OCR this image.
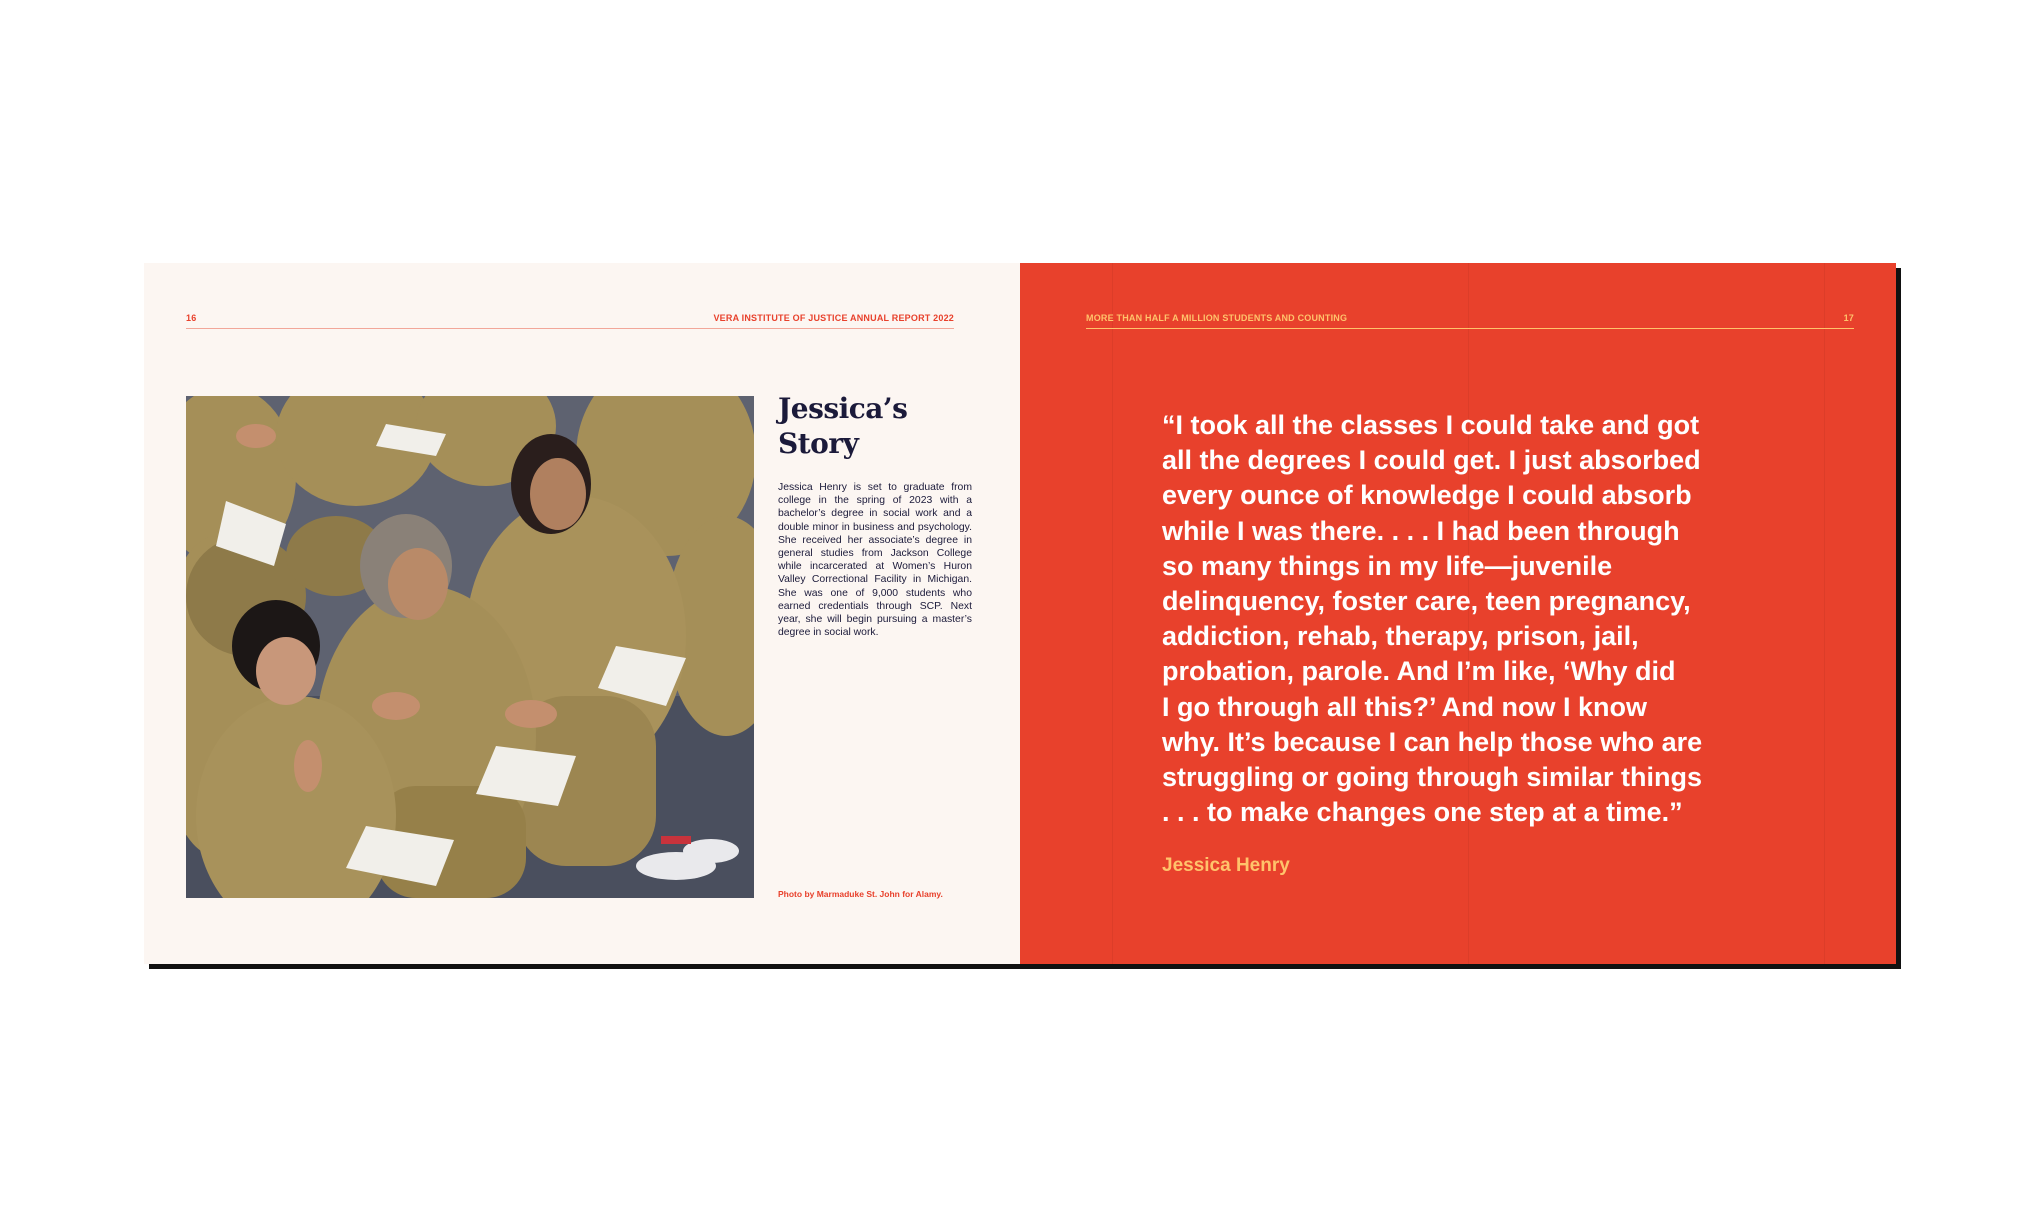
16	VERA INSTITUTE OF JUSTICE ANNUAL REPORT 2022
Jessica’s Story
Jessica Henry is set to graduate from college in the spring of 2023 with a bachelor’s degree in social work and a double minor in business and psychology. She received her associate’s degree in general studies from Jackson College while incarcerated at Women’s Huron Valley Correctional Facility in Michigan. She was one of 9,000 students who earned credentials through SCP. Next year, she will begin pursuing a master’s degree in social work.
Photo by Marmaduke St. John for Alamy.
MORE THAN HALF A MILLION STUDENTS AND COUNTING	17
“I took all the classes I could take and got
all the degrees I could get. I just absorbed
every ounce of knowledge I could absorb
while I was there. . . . I had been through
so many things in my life—juvenile
delinquency, foster care, teen pregnancy,
addiction, rehab, therapy, prison, jail,
probation, parole. And I’m like, ‘Why did
I go through all this?’ And now I know
why. It’s because I can help those who are
struggling or going through similar things
. . . to make changes one step at a time.”
Jessica Henry
